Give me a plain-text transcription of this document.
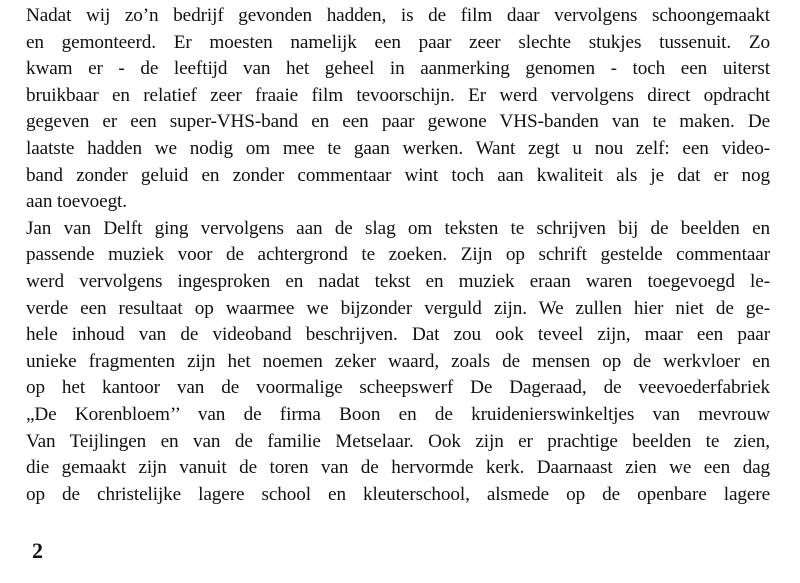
Nadat wij zo’n bedrijf gevonden hadden, is de film daar vervolgens schoongemaakt
en gemonteerd. Er moesten namelijk een paar zeer slechte stukjes tussenuit. Zo
kwam er - de leeftijd van het geheel in aanmerking genomen - toch een uiterst
bruikbaar en relatief zeer fraaie film tevoorschijn. Er werd vervolgens direct opdracht
gegeven er een super-VHS-band en een paar gewone VHS-banden van te maken. De
laatste hadden we nodig om mee te gaan werken. Want zegt u nou zelf: een video-
band zonder geluid en zonder commentaar wint toch aan kwaliteit als je dat er nog
aan toevoegt.
Jan van Delft ging vervolgens aan de slag om teksten te schrijven bij de beelden en
passende muziek voor de achtergrond te zoeken. Zijn op schrift gestelde commentaar
werd vervolgens ingesproken en nadat tekst en muziek eraan waren toegevoegd le-
verde een resultaat op waarmee we bijzonder verguld zijn. We zullen hier niet de ge-
hele inhoud van de videoband beschrijven. Dat zou ook teveel zijn, maar een paar
unieke fragmenten zijn het noemen zeker waard, zoals de mensen op de werkvloer en
op het kantoor van de voormalige scheepswerf De Dageraad, de veevoederfabriek
„De Korenbloem’’ van de firma Boon en de kruidenierswinkeltjes van mevrouw
Van Teijlingen en van de familie Metselaar. Ook zijn er prachtige beelden te zien,
die gemaakt zijn vanuit de toren van de hervormde kerk. Daarnaast zien we een dag
op de christelijke lagere school en kleuterschool, alsmede op de openbare lagere
2
